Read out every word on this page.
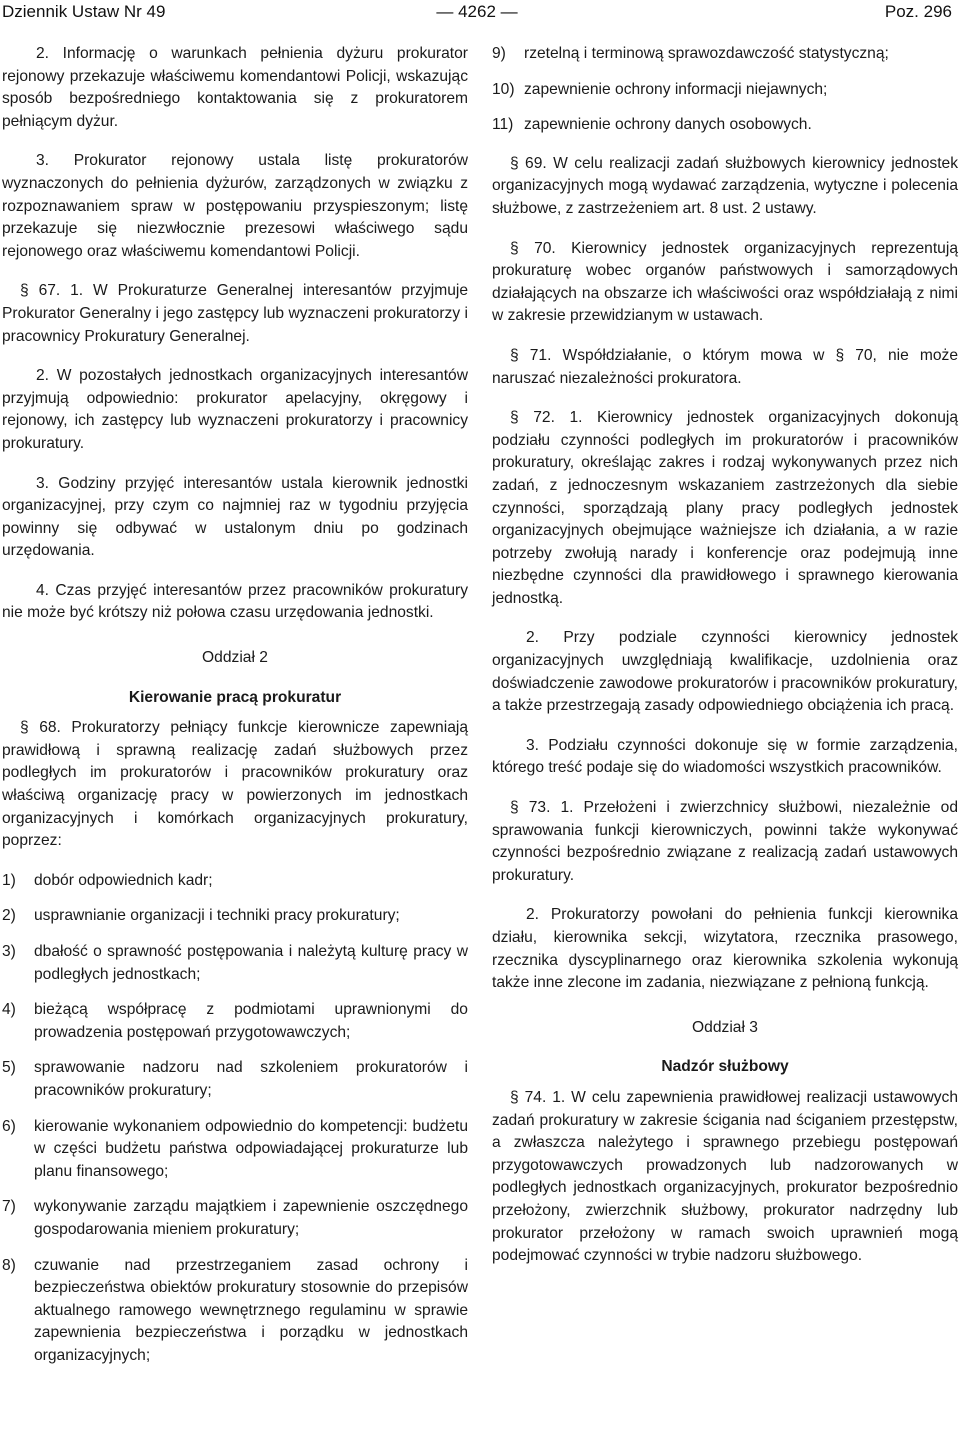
Dziennik Ustaw Nr 49	— 4262 —	Poz. 296

2. Informację o warunkach pełnienia dyżuru prokurator rejonowy przekazuje właściwemu komendantowi Policji, wskazując sposób bezpośredniego kontaktowania się z prokuratorem pełniącym dyżur.

3. Prokurator rejonowy ustala listę prokuratorów wyznaczonych do pełnienia dyżurów, zarządzonych w związku z rozpoznawaniem spraw w postępowaniu przyspieszonym; listę przekazuje się niezwłocznie prezesowi właściwego sądu rejonowego oraz właściwemu komendantowi Policji.

§ 67. 1. W Prokuraturze Generalnej interesantów przyjmuje Prokurator Generalny i jego zastępcy lub wyznaczeni prokuratorzy i pracownicy Prokuratury Generalnej.

2. W pozostałych jednostkach organizacyjnych interesantów przyjmują odpowiednio: prokurator apelacyjny, okręgowy i rejonowy, ich zastępcy lub wyznaczeni prokuratorzy i pracownicy prokuratury.

3. Godziny przyjęć interesantów ustala kierownik jednostki organizacyjnej, przy czym co najmniej raz w tygodniu przyjęcia powinny się odbywać w ustalonym dniu po godzinach urzędowania.

4. Czas przyjęć interesantów przez pracowników prokuratury nie może być krótszy niż połowa czasu urzędowania jednostki.

Oddział 2

Kierowanie pracą prokuratur

§ 68. Prokuratorzy pełniący funkcje kierownicze zapewniają prawidłową i sprawną realizację zadań służbowych przez podległych im prokuratorów i pracowników prokuratury oraz właściwą organizację pracy w powierzonych im jednostkach organizacyjnych i komórkach organizacyjnych prokuratury, poprzez:

1)	dobór odpowiednich kadr;
2)	usprawnianie organizacji i techniki pracy prokuratury;
3)	dbałość o sprawność postępowania i należytą kulturę pracy w podległych jednostkach;
4)	bieżącą współpracę z podmiotami uprawnionymi do prowadzenia postępowań przygotowawczych;
5)	sprawowanie nadzoru nad szkoleniem prokuratorów i pracowników prokuratury;
6)	kierowanie wykonaniem odpowiednio do kompetencji: budżetu w części budżetu państwa odpowiadającej prokuraturze lub planu finansowego;
7)	wykonywanie zarządu majątkiem i zapewnienie oszczędnego gospodarowania mieniem prokuratury;
8)	czuwanie nad przestrzeganiem zasad ochrony i bezpieczeństwa obiektów prokuratury stosownie do przepisów aktualnego ramowego wewnętrznego regulaminu w sprawie zapewnienia bezpieczeństwa i porządku w jednostkach organizacyjnych;
9)	rzetelną i terminową sprawozdawczość statystyczną;
10) zapewnienie ochrony informacji niejawnych;
11) zapewnienie ochrony danych osobowych.

§ 69. W celu realizacji zadań służbowych kierownicy jednostek organizacyjnych mogą wydawać zarządzenia, wytyczne i polecenia służbowe, z zastrzeżeniem art. 8 ust. 2 ustawy.

§ 70. Kierownicy jednostek organizacyjnych reprezentują prokuraturę wobec organów państwowych i samorządowych działających na obszarze ich właściwości oraz współdziałają z nimi w zakresie przewidzianym w ustawach.

§ 71. Współdziałanie, o którym mowa w § 70, nie może naruszać niezależności prokuratora.

§ 72. 1. Kierownicy jednostek organizacyjnych dokonują podziału czynności podległych im prokuratorów i pracowników prokuratury, określając zakres i rodzaj wykonywanych przez nich zadań, z jednoczesnym wskazaniem zastrzeżonych dla siebie czynności, sporządzają plany pracy podległych jednostek organizacyjnych obejmujące ważniejsze ich działania, a w razie potrzeby zwołują narady i konferencje oraz podejmują inne niezbędne czynności dla prawidłowego i sprawnego kierowania jednostką.

2. Przy podziale czynności kierownicy jednostek organizacyjnych uwzględniają kwalifikacje, uzdolnienia oraz doświadczenie zawodowe prokuratorów i pracowników prokuratury, a także przestrzegają zasady odpowiedniego obciążenia ich pracą.

3. Podziału czynności dokonuje się w formie zarządzenia, którego treść podaje się do wiadomości wszystkich pracowników.

§ 73. 1. Przełożeni i zwierzchnicy służbowi, niezależnie od sprawowania funkcji kierowniczych, powinni także wykonywać czynności bezpośrednio związane z realizacją zadań ustawowych prokuratury.

2. Prokuratorzy powołani do pełnienia funkcji kierownika działu, kierownika sekcji, wizytatora, rzecznika prasowego, rzecznika dyscyplinarnego oraz kierownika szkolenia wykonują także inne zlecone im zadania, niezwiązane z pełnioną funkcją.

Oddział 3

Nadzór służbowy

§ 74. 1. W celu zapewnienia prawidłowej realizacji ustawowych zadań prokuratury w zakresie ścigania nad ściganiem przestępstw, a zwłaszcza należytego i sprawnego przebiegu postępowań przygotowawczych prowadzonych lub nadzorowanych w podległych jednostkach organizacyjnych, prokurator bezpośrednio przełożony, zwierzchnik służbowy, prokurator nadrzędny lub prokurator przełożony w ramach swoich uprawnień mogą podejmować czynności w trybie nadzoru służbowego.
